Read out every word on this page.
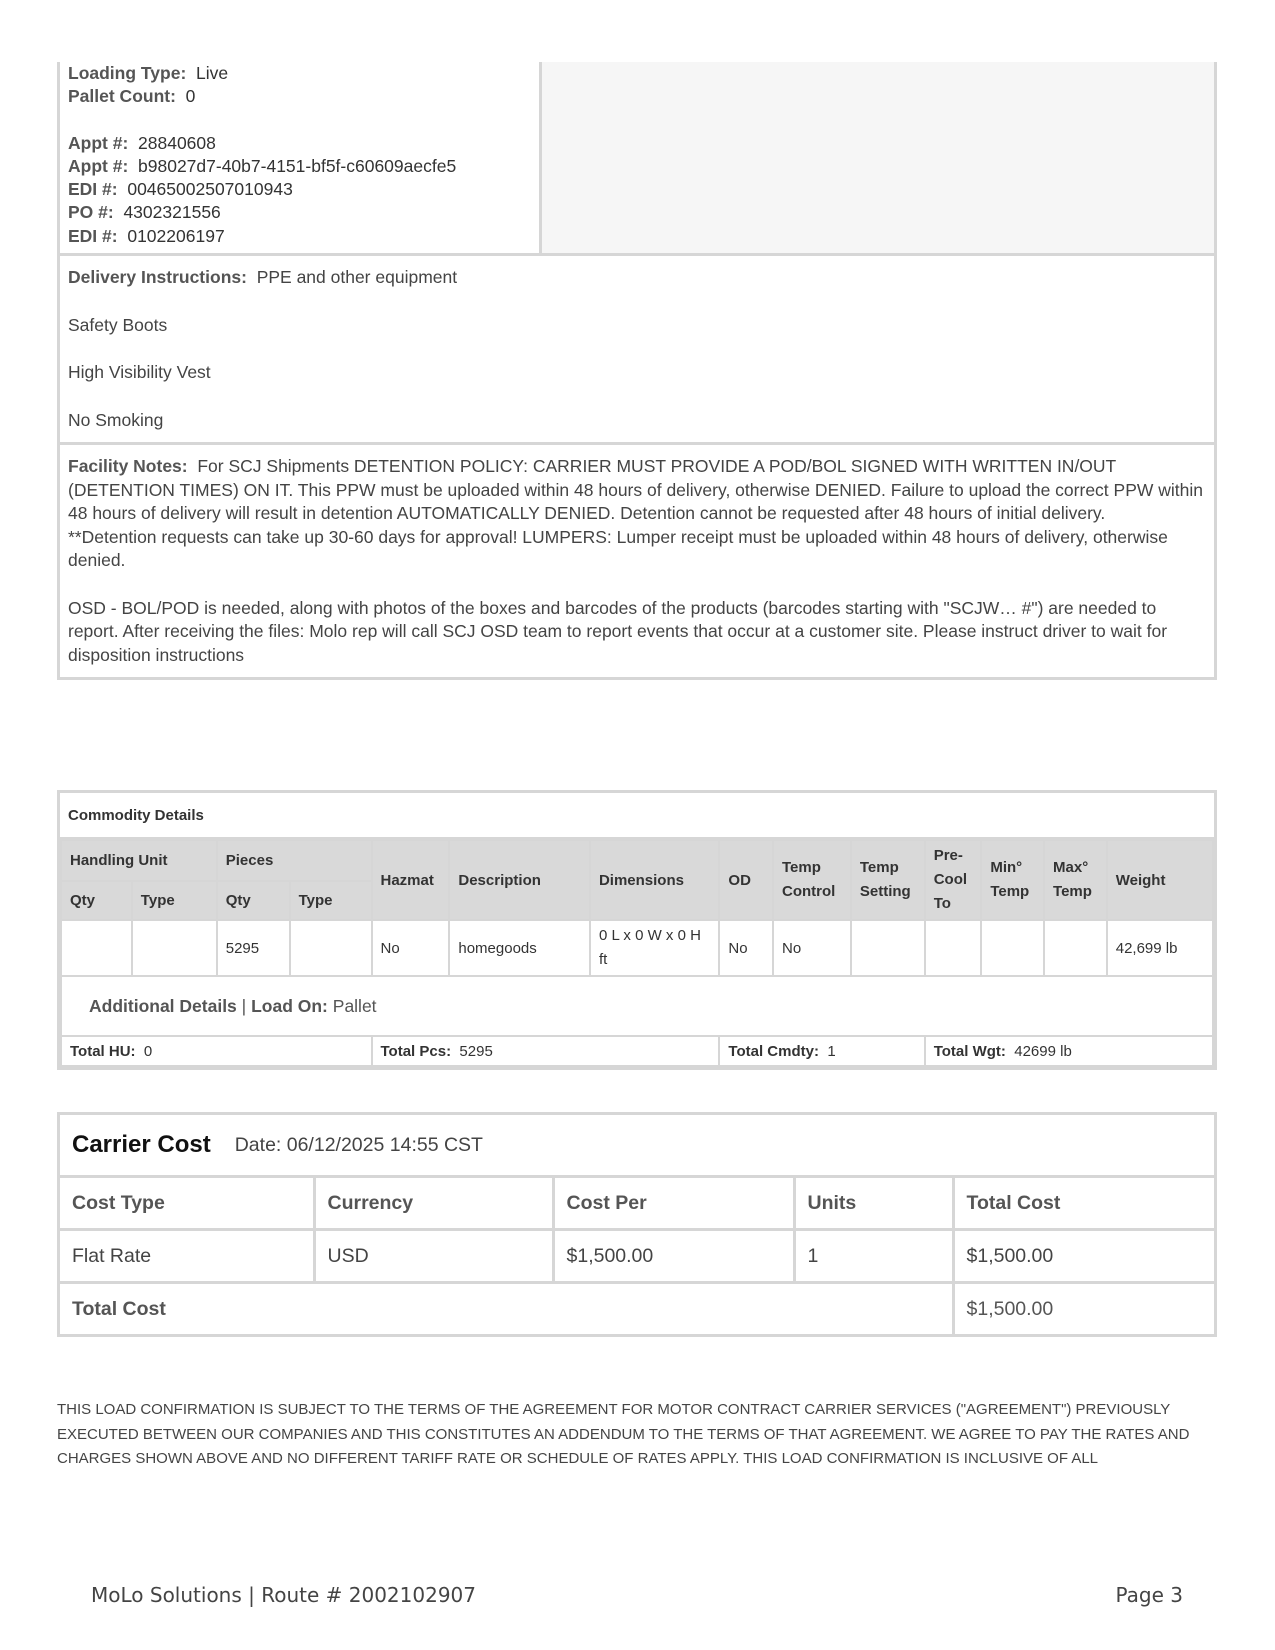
Loading Type: Live
Pallet Count: 0
Appt #: 28840608
Appt #: b98027d7-40b7-4151-bf5f-c60609aecfe5
EDI #: 00465002507010943
PO #: 4302321556
EDI #: 0102206197

Delivery Instructions: PPE and other equipment

Safety Boots

High Visibility Vest

No Smoking

Facility Notes: For SCJ Shipments DETENTION POLICY: CARRIER MUST PROVIDE A POD/BOL SIGNED WITH WRITTEN IN/OUT (DETENTION TIMES) ON IT. This PPW must be uploaded within 48 hours of delivery, otherwise DENIED. Failure to upload the correct PPW within 48 hours of delivery will result in detention AUTOMATICALLY DENIED. Detention cannot be requested after 48 hours of initial delivery.

**Detention requests can take up 30-60 days for approval! LUMPERS: Lumper receipt must be uploaded within 48 hours of delivery, otherwise denied.

OSD - BOL/POD is needed, along with photos of the boxes and barcodes of the products (barcodes starting with "SCJW… #") are needed to report. After receiving the files: Molo rep will call SCJ OSD team to report events that occur at a customer site. Please instruct driver to wait for disposition instructions

Commodity Details
Handling Unit		Pieces		Hazmat	Description	Dimensions	OD	Temp Control	Temp Setting	Pre-Cool To	Min° Temp	Max° Temp	Weight
Qty	Type	Qty	Type										
		5295		No	homegoods	0 L x 0 W x 0 H ft	No	No					42,699 lb
Additional Details | Load On: Pallet													
Total HU: 0				Total Pcs: 5295			Total Cmdty: 1			Total Wgt: 42699 lb			
Carrier Cost Date: 06/12/2025 14:55 CST
Cost Type	Currency	Cost Per	Units	Total Cost
Flat Rate	USD	$1,500.00	1	$1,500.00
Total Cost				$1,500.00
THIS LOAD CONFIRMATION IS SUBJECT TO THE TERMS OF THE AGREEMENT FOR MOTOR CONTRACT CARRIER SERVICES ("AGREEMENT") PREVIOUSLY EXECUTED BETWEEN OUR COMPANIES AND THIS CONSTITUTES AN ADDENDUM TO THE TERMS OF THAT AGREEMENT. WE AGREE TO PAY THE RATES AND CHARGES SHOWN ABOVE AND NO DIFFERENT TARIFF RATE OR SCHEDULE OF RATES APPLY. THIS LOAD CONFIRMATION IS INCLUSIVE OF ALL
MoLo Solutions | Route # 2002102907	Page 3
